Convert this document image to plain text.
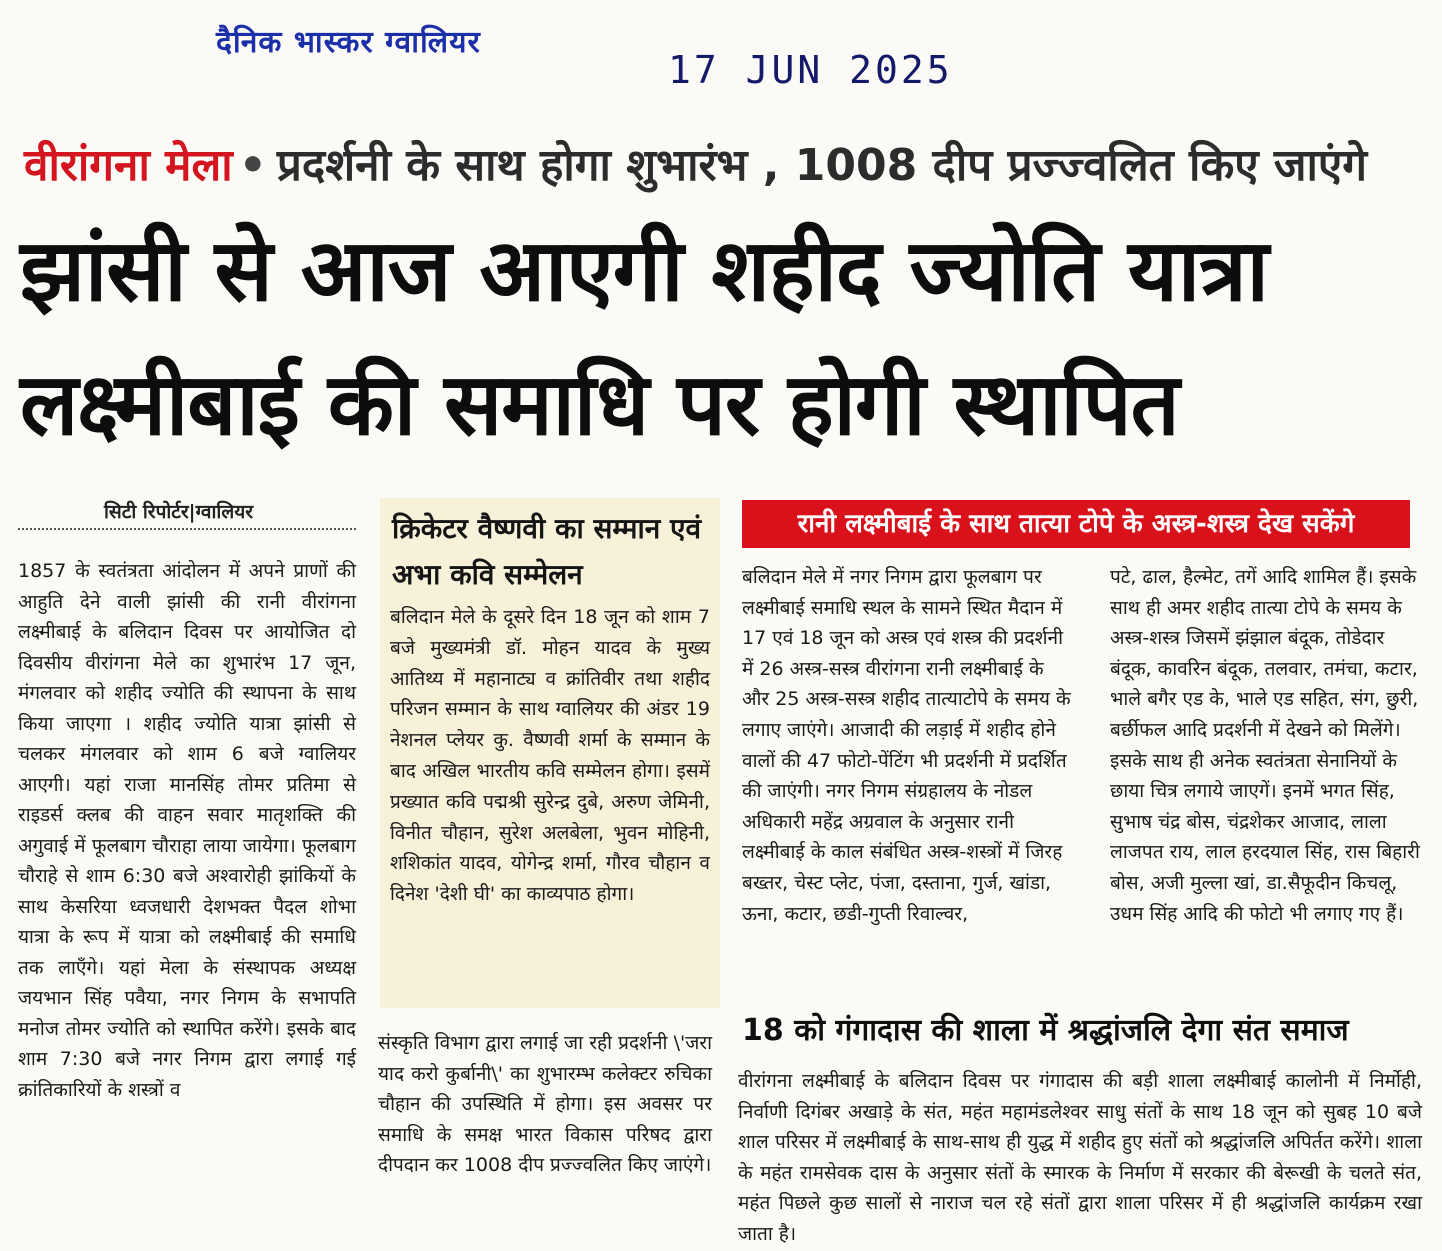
दैनिक भास्कर ग्वालियर
17 JUN 2025
वीरांगना मेला • प्रदर्शनी के साथ होगा शुभारंभ , 1008 दीप प्रज्ज्वलित किए जाएंगे
झांसी से आज आएगी शहीद ज्योति यात्रा
लक्ष्मीबाई की समाधि पर होगी स्थापित
सिटी रिपोर्टर|ग्वालियर
1857 के स्वतंत्रता आंदोलन में अपने प्राणों की आहुति देने वाली झांसी की रानी वीरांगना लक्ष्मीबाई के बलिदान दिवस पर आयोजित दो दिवसीय वीरांगना मेले का शुभारंभ 17 जून, मंगलवार को शहीद ज्योति की स्थापना के साथ किया जाएगा । शहीद ज्योति यात्रा झांसी से चलकर मंगलवार को शाम 6 बजे ग्वालियर आएगी। यहां राजा मानसिंह तोमर प्रतिमा से राइडर्स क्लब की वाहन सवार मातृशक्ति की अगुवाई में फूलबाग चौराहा लाया जायेगा। फूलबाग चौराहे से शाम 6:30 बजे अश्वारोही झांकियों के साथ केसरिया ध्वजधारी देशभक्त पैदल शोभा यात्रा के रूप में यात्रा को लक्ष्मीबाई की समाधि तक लाएँगे। यहां मेला के संस्थापक अध्यक्ष जयभान सिंह पवैया, नगर निगम के सभापति मनोज तोमर ज्योति को स्थापित करेंगे। इसके बाद शाम 7:30 बजे नगर निगम द्वारा लगाई गई क्रांतिकारियों के शस्त्रों व
क्रिकेटर वैष्णवी का सम्मान एवं अभा कवि सम्मेलन
बलिदान मेले के दूसरे दिन 18 जून को शाम 7 बजे मुख्यमंत्री डॉ. मोहन यादव के मुख्य आतिथ्य में महानाट्य व क्रांतिवीर तथा शहीद परिजन सम्मान के साथ ग्वालियर की अंडर 19 नेशनल प्लेयर कु. वैष्णवी शर्मा के सम्मान के बाद अखिल भारतीय कवि सम्मेलन होगा। इसमें प्रख्यात कवि पद्मश्री सुरेन्द्र दुबे, अरुण जेमिनी, विनीत चौहान, सुरेश अलबेला, भुवन मोहिनी, शशिकांत यादव, योगेन्द्र शर्मा, गौरव चौहान व दिनेश 'देशी घी' का काव्यपाठ होगा।
संस्कृति विभाग द्वारा लगाई जा रही प्रदर्शनी \'जरा याद करो कुर्बानी\' का शुभारम्भ कलेक्टर रुचिका चौहान की उपस्थिति में होगा। इस अवसर पर समाधि के समक्ष भारत विकास परिषद द्वारा दीपदान कर 1008 दीप प्रज्ज्वलित किए जाएंगे।
रानी लक्ष्मीबाई के साथ तात्या टोपे के अस्त्र-शस्त्र देख सकेंगे
बलिदान मेले में नगर निगम द्वारा फूलबाग पर लक्ष्मीबाई समाधि स्थल के सामने स्थित मैदान में 17 एवं 18 जून को अस्त्र एवं शस्त्र की प्रदर्शनी में 26 अस्त्र-सस्त्र वीरांगना रानी लक्ष्मीबाई के और 25 अस्त्र-सस्त्र शहीद तात्याटोपे के समय के लगाए जाएंगे। आजादी की लड़ाई में शहीद होने वालों की 47 फोटो-पेंटिंग भी प्रदर्शनी में प्रदर्शित की जाएंगी। नगर निगम संग्रहालय के नोडल अधिकारी महेंद्र अग्रवाल के अनुसार रानी लक्ष्मीबाई के काल संबंधित अस्त्र-शस्त्रों में जिरह बख्तर, चेस्ट प्लेट, पंजा, दस्ताना, गुर्ज, खांडा, ऊना, कटार, छडी-गुप्ती रिवाल्वर,
पटे, ढाल, हैल्मेट, तगें आदि शामिल हैं। इसके साथ ही अमर शहीद तात्या टोपे के समय के अस्त्र-शस्त्र जिसमें झंझाल बंदूक, तोडेदार बंदूक, कावरिन बंदूक, तलवार, तमंचा, कटार, भाले बगैर एड के, भाले एड सहित, संग, छुरी, बर्छीफल आदि प्रदर्शनी में देखने को मिलेंगे। इसके साथ ही अनेक स्वतंत्रता सेनानियों के छाया चित्र लगाये जाएगें। इनमें भगत सिंह, सुभाष चंद्र बोस, चंद्रशेकर आजाद, लाला लाजपत राय, लाल हरदयाल सिंह, रास बिहारी बोस, अजी मुल्ला खां, डा.सैफूदीन किचलू, उधम सिंह आदि की फोटो भी लगाए गए हैं।
18 को गंगादास की शाला में श्रद्धांजलि देगा संत समाज
वीरांगना लक्ष्मीबाई के बलिदान दिवस पर गंगादास की बड़ी शाला लक्ष्मीबाई कालोनी में निर्मोही, निर्वाणी दिगंबर अखाड़े के संत, महंत महामंडलेश्वर साधु संतों के साथ 18 जून को सुबह 10 बजे शाल परिसर में लक्ष्मीबाई के साथ-साथ ही युद्ध में शहीद हुए संतों को श्रद्धांजलि अपिर्तत करेंगे। शाला के महंत रामसेवक दास के अनुसार संतों के स्मारक के निर्माण में सरकार की बेरूखी के चलते संत, महंत पिछले कुछ सालों से नाराज चल रहे संतों द्वारा शाला परिसर में ही श्रद्धांजलि कार्यक्रम रखा जाता है।
